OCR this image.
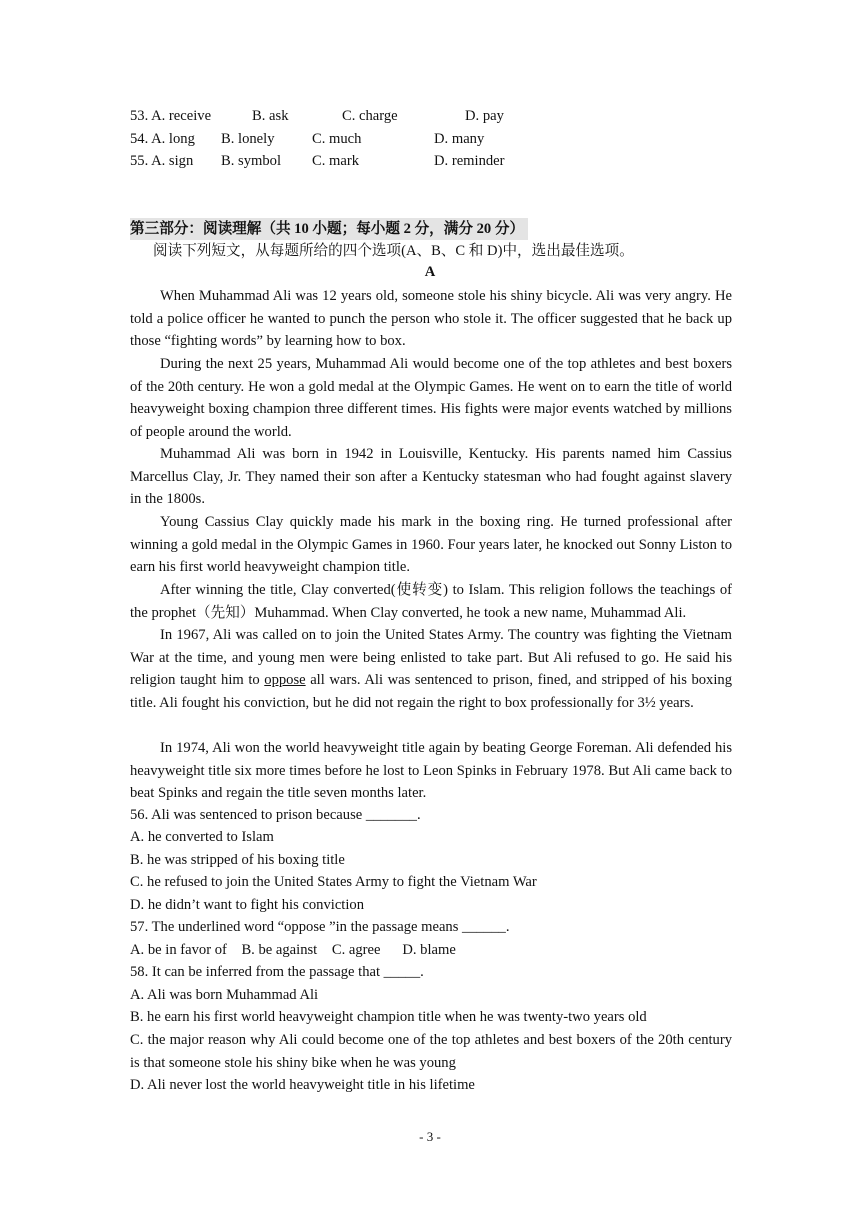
53. A. receive	B. ask	C. charge	D. pay
54. A. long B. lonely	C. much	D. many
55. A. sign B. symbol C. mark	D. reminder
第三部分：阅读理解（共 10 小题；每小题 2 分，满分 20 分）
阅读下列短文，从每题所给的四个选项(A、B、C 和 D)中，选出最佳选项。
A

When Muhammad Ali was 12 years old, someone stole his shiny bicycle. Ali was very angry. He told a police officer he wanted to punch the person who stole it. The officer suggested that he back up those “fighting words” by learning how to box.

During the next 25 years, Muhammad Ali would become one of the top athletes and best boxers of the 20th century. He won a gold medal at the Olympic Games. He went on to earn the title of world heavyweight boxing champion three different times. His fights were major events watched by millions of people around the world.

Muhammad Ali was born in 1942 in Louisville, Kentucky. His parents named him Cassius Marcellus Clay, Jr. They named their son after a Kentucky statesman who had fought against slavery in the 1800s.

Young Cassius Clay quickly made his mark in the boxing ring. He turned professional after winning a gold medal in the Olympic Games in 1960. Four years later, he knocked out Sonny Liston to earn his first world heavyweight champion title.

After winning the title, Clay converted(使转变) to Islam. This religion follows the teachings of the prophet（先知）Muhammad. When Clay converted, he took a new name, Muhammad Ali.

In 1967, Ali was called on to join the United States Army. The country was fighting the Vietnam War at the time, and young men were being enlisted to take part. But Ali refused to go. He said his religion taught him to oppose all wars. Ali was sentenced to prison, fined, and stripped of his boxing title. Ali fought his conviction, but he did not regain the right to box professionally for 3½ years.

In 1974, Ali won the world heavyweight title again by beating George Foreman. Ali defended his heavyweight title six more times before he lost to Leon Spinks in February 1978. But Ali came back to beat Spinks and regain the title seven months later.

56. Ali was sentenced to prison because _______.
A. he converted to Islam
B. he was stripped of his boxing title
C. he refused to join the United States Army to fight the Vietnam War
D. he didn’t want to fight his conviction
57. The underlined word “oppose ”in the passage means ______.
A. be in favor of    B. be against    C. agree      D. blame
58. It can be inferred from the passage that _____.
A. Ali was born Muhammad Ali
B. he earn his first world heavyweight champion title when he was twenty-two years old

C. the major reason why Ali could become one of the top athletes and best boxers of the 20th century is that someone stole his shiny bike when he was young

D. Ali never lost the world heavyweight title in his lifetime
- 3 -
